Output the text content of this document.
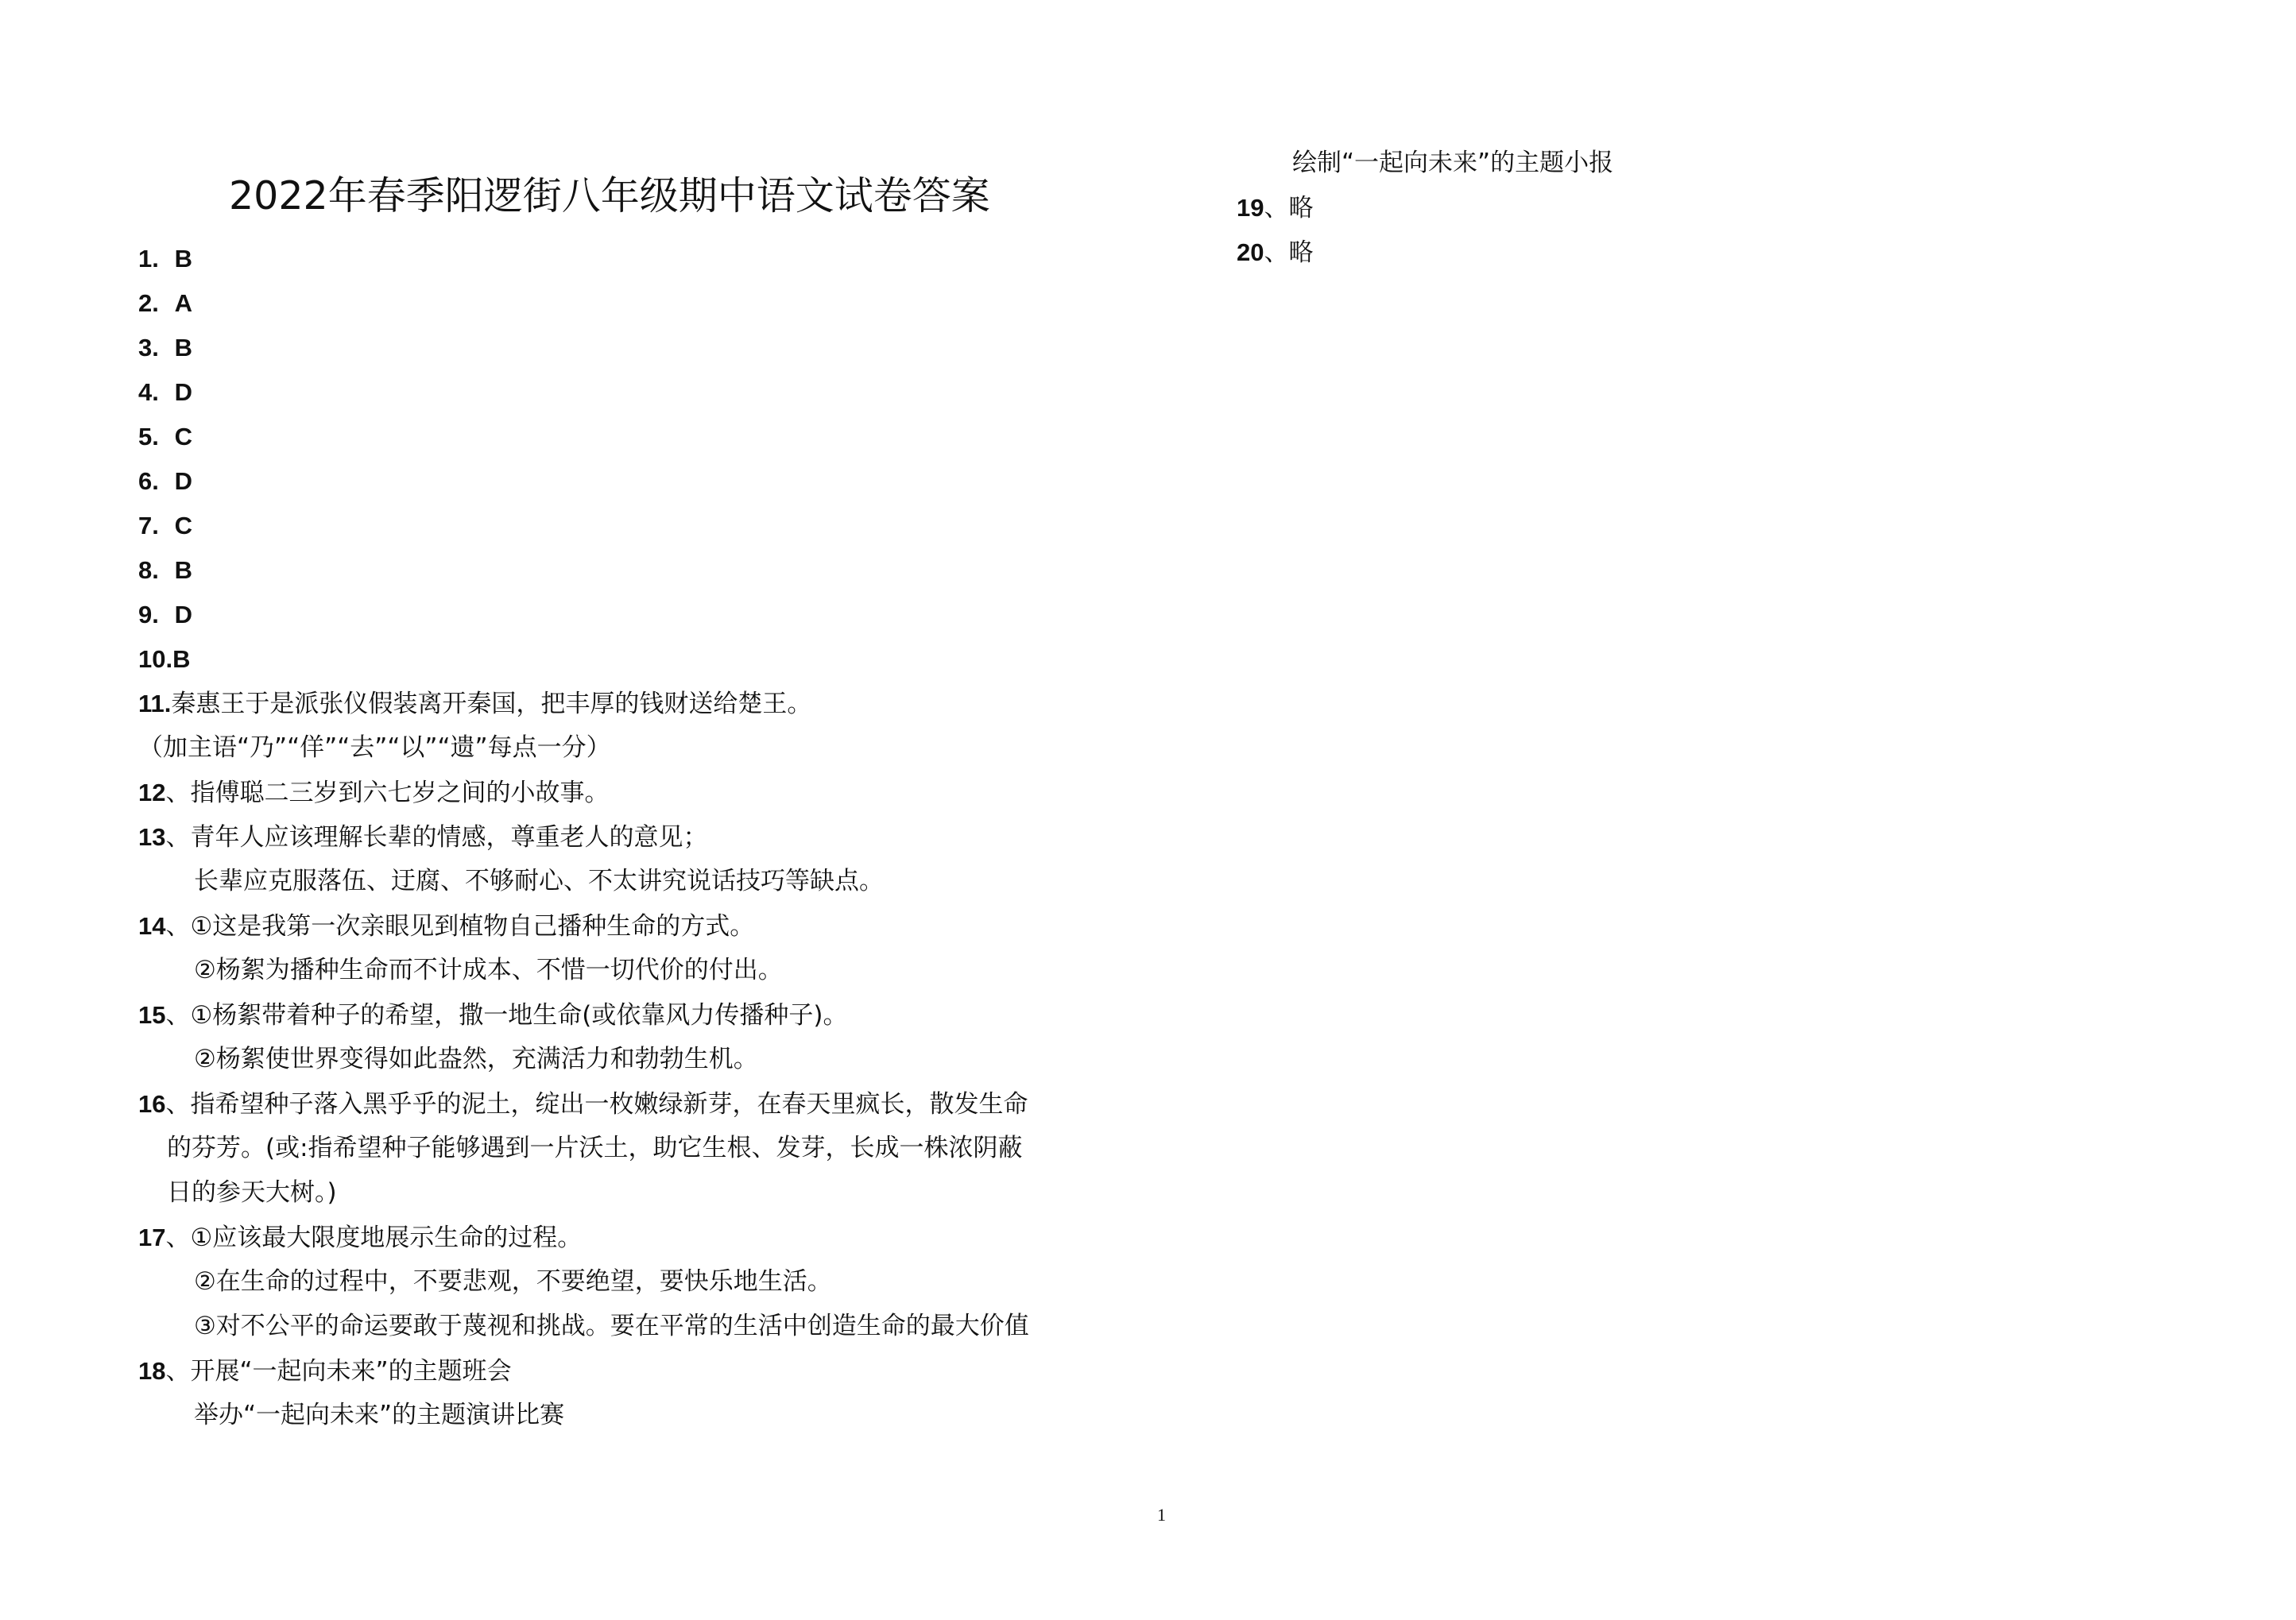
2022年春季阳逻街八年级期中语文试卷答案
1. B
2. A
3. B
4. D
5. C
6. D
7. C
8. B
9. D
10.B
11.秦惠王于是派张仪假装离开秦国，把丰厚的钱财送给楚王。
（加主语“乃”“佯”“去”“以”“遗”每点一分）
12、指傅聪二三岁到六七岁之间的小故事。
13、青年人应该理解长辈的情感，尊重老人的意见；
长辈应克服落伍、迂腐、不够耐心、不太讲究说话技巧等缺点。
14、①这是我第一次亲眼见到植物自己播种生命的方式。
②杨絮为播种生命而不计成本、不惜一切代价的付出。
15、①杨絮带着种子的希望，撒一地生命(或依靠风力传播种子)。
②杨絮使世界变得如此盎然，充满活力和勃勃生机。
16、指希望种子落入黑乎乎的泥土，绽出一枚嫩绿新芽，在春天里疯长，散发生命
的芬芳。(或:指希望种子能够遇到一片沃土，助它生根、发芽，长成一株浓阴蔽
日的参天大树。)
17、①应该最大限度地展示生命的过程。
②在生命的过程中，不要悲观，不要绝望，要快乐地生活。
③对不公平的命运要敢于蔑视和挑战。要在平常的生活中创造生命的最大价值
18、开展“一起向未来”的主题班会
举办“一起向未来”的主题演讲比赛
绘制“一起向未来”的主题小报
19、略
20、略
1
